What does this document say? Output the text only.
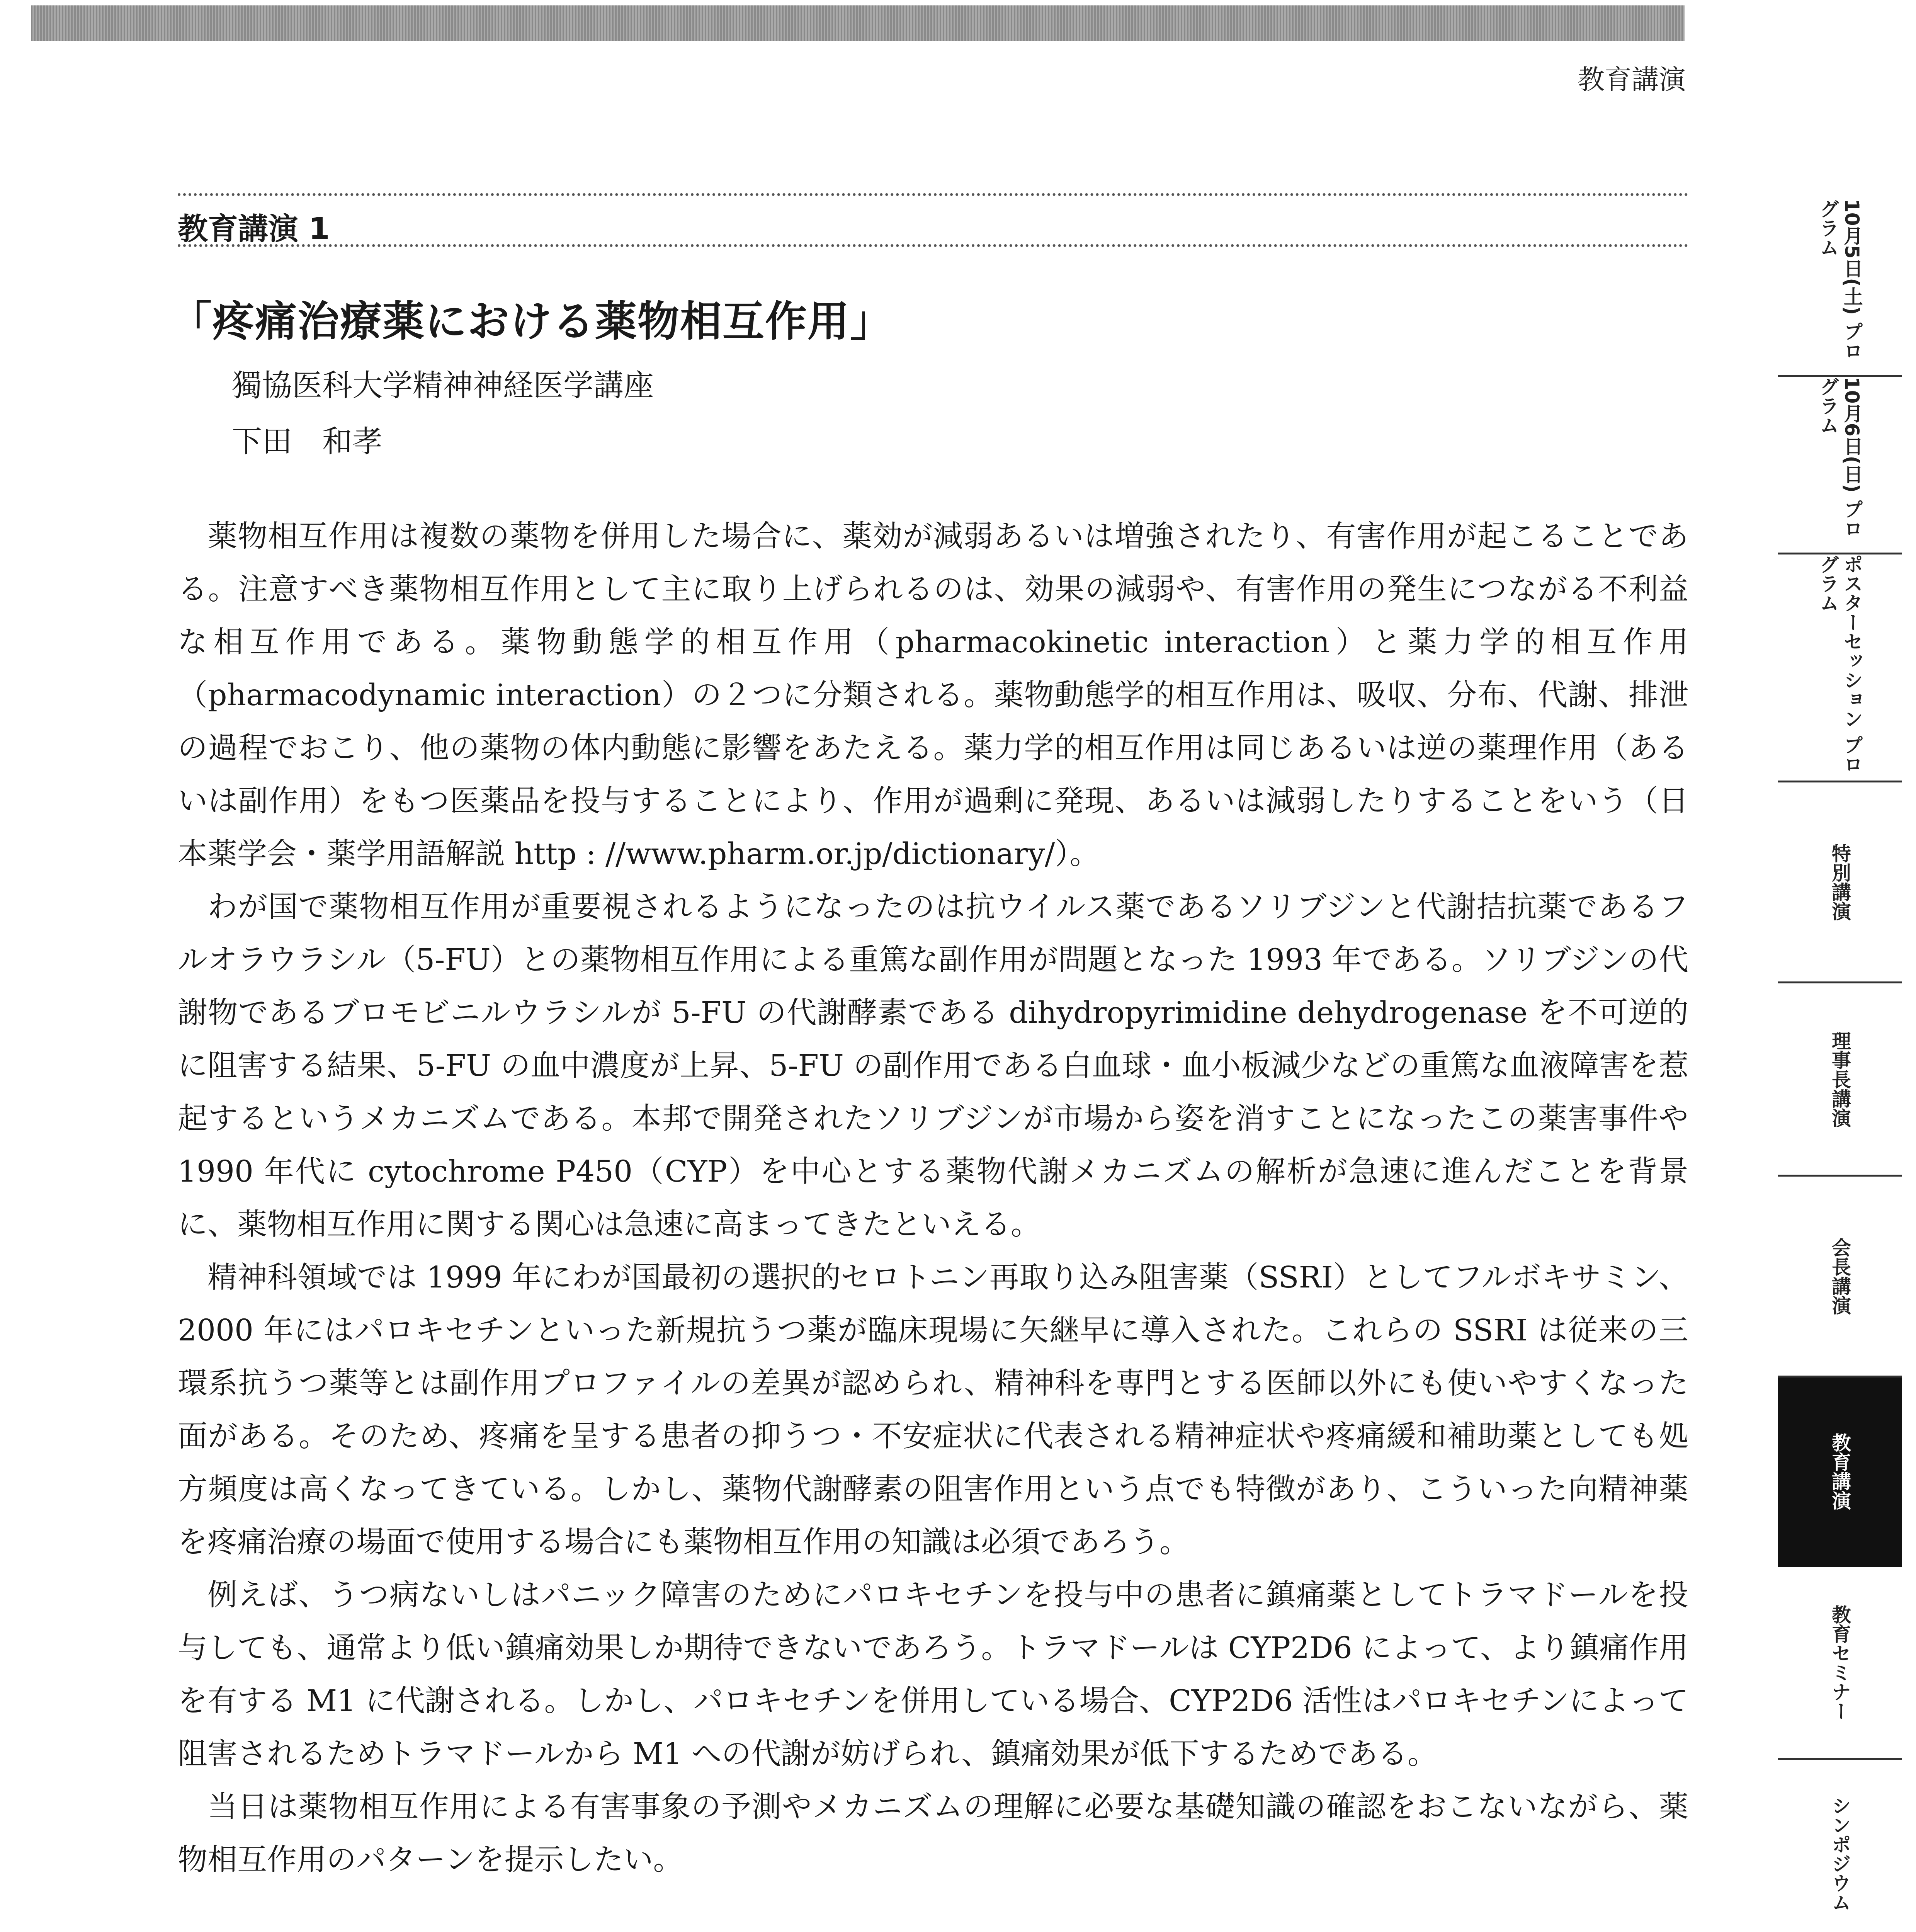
教育講演
教育講演 1
「疼痛治療薬における薬物相互作用」
獨協医科大学精神神経医学講座
下田　和孝

薬物相互作用は複数の薬物を併用した場合に、薬効が減弱あるいは増強されたり、有害作用が起こることである。注意すべき薬物相互作用として主に取り上げられるのは、効果の減弱や、有害作用の発生につながる不利益な相互作用である。薬物動態学的相互作用（pharmacokinetic interaction）と薬力学的相互作用（pharmacodynamic interaction）の２つに分類される。薬物動態学的相互作用は、吸収、分布、代謝、排泄の過程でおこり、他の薬物の体内動態に影響をあたえる。薬力学的相互作用は同じあるいは逆の薬理作用（あるいは副作用）をもつ医薬品を投与することにより、作用が過剰に発現、あるいは減弱したりすることをいう（日本薬学会・薬学用語解説 http : //www.pharm.or.jp/dictionary/）。

わが国で薬物相互作用が重要視されるようになったのは抗ウイルス薬であるソリブジンと代謝拮抗薬であるフルオラウラシル（5-FU）との薬物相互作用による重篤な副作用が問題となった 1993 年である。ソリブジンの代謝物であるブロモビニルウラシルが 5-FU の代謝酵素である dihydropyrimidine dehydrogenase を不可逆的に阻害する結果、5-FU の血中濃度が上昇、5-FU の副作用である白血球・血小板減少などの重篤な血液障害を惹起するというメカニズムである。本邦で開発されたソリブジンが市場から姿を消すことになったこの薬害事件や 1990 年代に cytochrome P450（CYP）を中心とする薬物代謝メカニズムの解析が急速に進んだことを背景に、薬物相互作用に関する関心は急速に高まってきたといえる。

精神科領域では 1999 年にわが国最初の選択的セロトニン再取り込み阻害薬（SSRI）としてフルボキサミン、2000 年にはパロキセチンといった新規抗うつ薬が臨床現場に矢継早に導入された。これらの SSRI は従来の三環系抗うつ薬等とは副作用プロファイルの差異が認められ、精神科を専門とする医師以外にも使いやすくなった面がある。そのため、疼痛を呈する患者の抑うつ・不安症状に代表される精神症状や疼痛緩和補助薬としても処方頻度は高くなってきている。しかし、薬物代謝酵素の阻害作用という点でも特徴があり、こういった向精神薬を疼痛治療の場面で使用する場合にも薬物相互作用の知識は必須であろう。

例えば、うつ病ないしはパニック障害のためにパロキセチンを投与中の患者に鎮痛薬としてトラマドールを投与しても、通常より低い鎮痛効果しか期待できないであろう。トラマドールは CYP2D6 によって、より鎮痛作用を有する M1 に代謝される。しかし、パロキセチンを併用している場合、CYP2D6 活性はパロキセチンによって阻害されるためトラマドールから M1 への代謝が妨げられ、鎮痛効果が低下するためである。

当日は薬物相互作用による有害事象の予測やメカニズムの理解に必要な基礎知識の確認をおこないながら、薬物相互作用のパターンを提示したい。

10月5日(土) プログラム
10月6日(日) プログラム
ポスターセッション プログラム
特別講演
理事長講演
会長講演
教育講演
教育セミナー
シンポジウム
